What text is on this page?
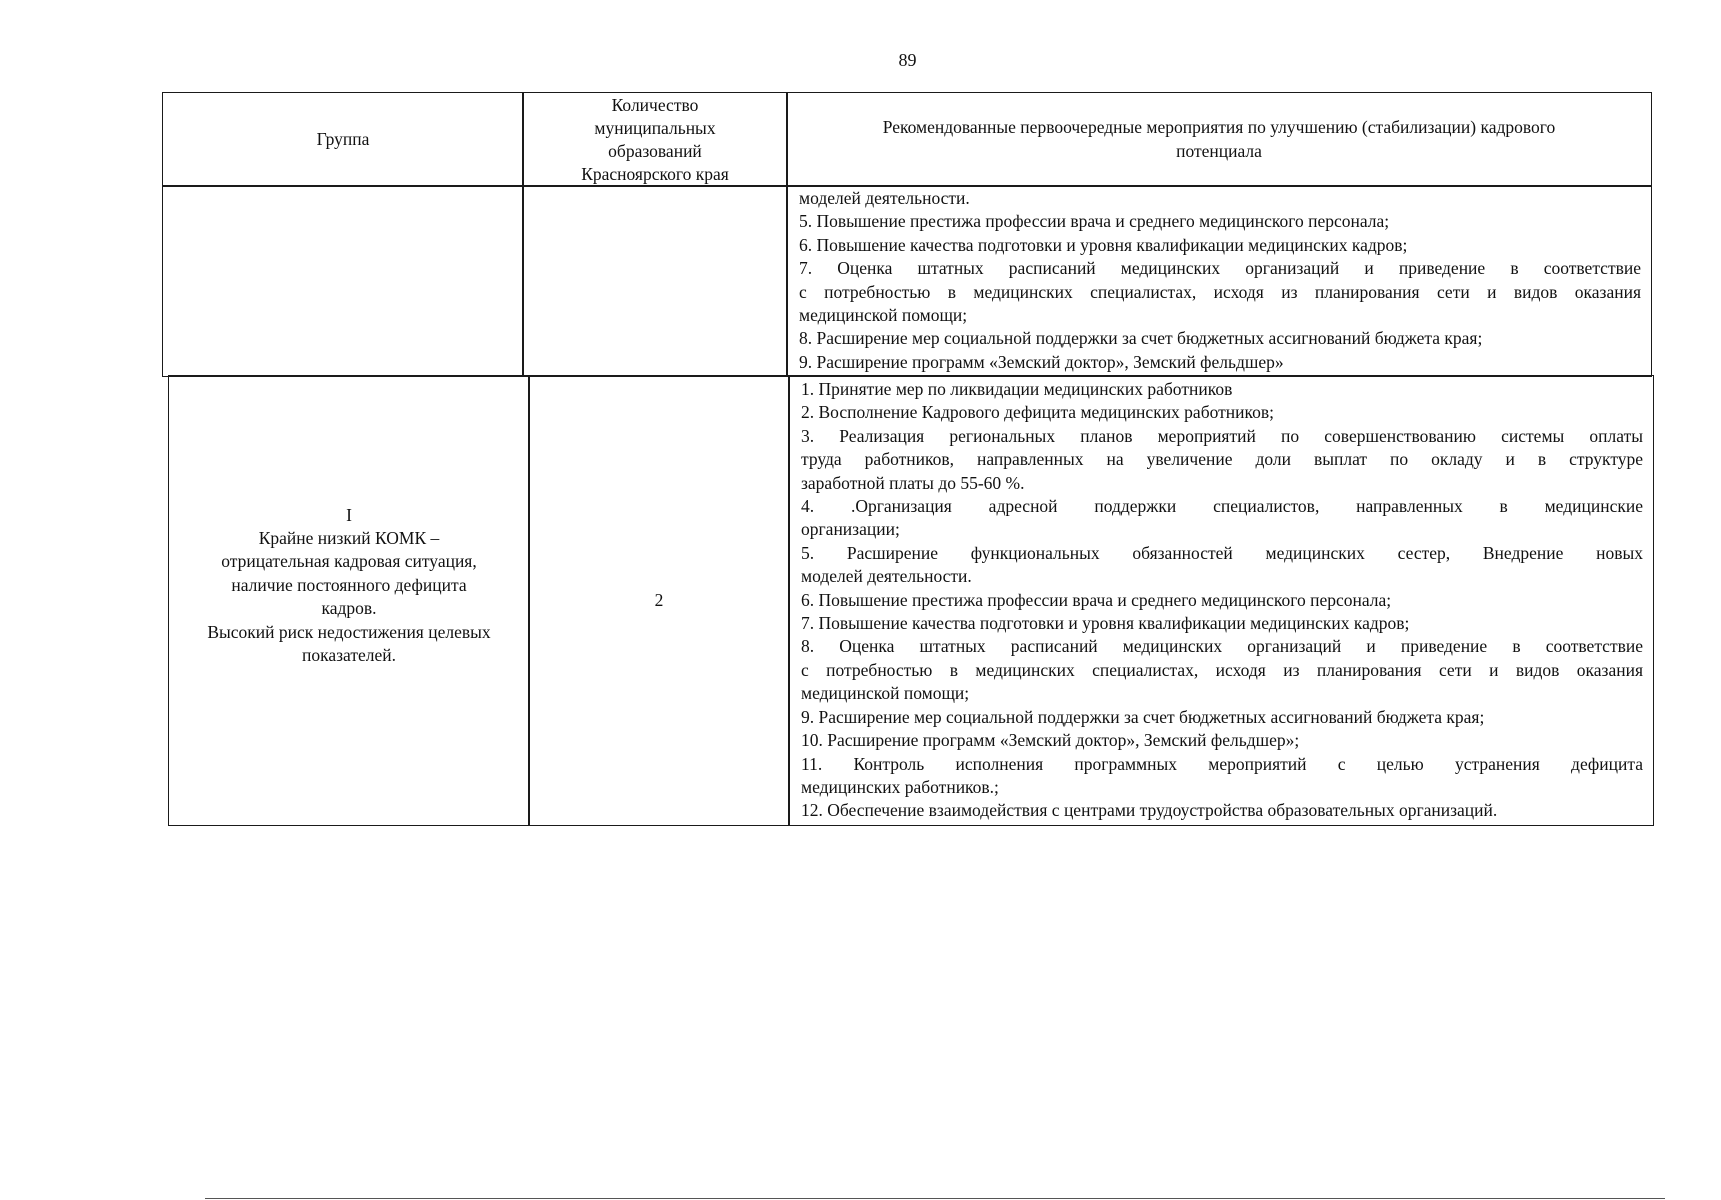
89
Группа
Количество
муниципальных
образований
Красноярского края
Рекомендованные первоочередные мероприятия по улучшению (стабилизации) кадрового
потенциала
моделей деятельности.
5. Повышение престижа профессии врача и среднего медицинского персонала;
6. Повышение качества подготовки и уровня квалификации медицинских кадров;
7. Оценка штатных расписаний медицинских организаций и приведение в соответствие
с потребностью в медицинских специалистах, исходя из планирования сети и видов оказания
медицинской помощи;
8. Расширение мер социальной поддержки за счет бюджетных ассигнований бюджета края;
9. Расширение программ «Земский доктор», Земский фельдшер»
I
Крайне низкий КОМК –
отрицательная кадровая ситуация,
наличие постоянного дефицита
кадров.
Высокий риск недостижения целевых
показателей.
2
1. Принятие мер по ликвидации медицинских работников
2. Восполнение Кадрового дефицита медицинских работников;
3. Реализация региональных планов мероприятий по совершенствованию системы оплаты
труда работников, направленных на увеличение доли выплат по окладу и в структуре
заработной платы до 55-60 %.
4. .Организация адресной поддержки специалистов, направленных в медицинские
организации;
5. Расширение функциональных обязанностей медицинских сестер, Внедрение новых
моделей деятельности.
6. Повышение престижа профессии врача и среднего медицинского персонала;
7. Повышение качества подготовки и уровня квалификации медицинских кадров;
8. Оценка штатных расписаний медицинских организаций и приведение в соответствие
с потребностью в медицинских специалистах, исходя из планирования сети и видов оказания
медицинской помощи;
9. Расширение мер социальной поддержки за счет бюджетных ассигнований бюджета края;
10. Расширение программ «Земский доктор», Земский фельдшер»;
11. Контроль исполнения программных мероприятий с целью устранения дефицита
медицинских работников.;
12. Обеспечение взаимодействия с центрами трудоустройства образовательных организаций.
